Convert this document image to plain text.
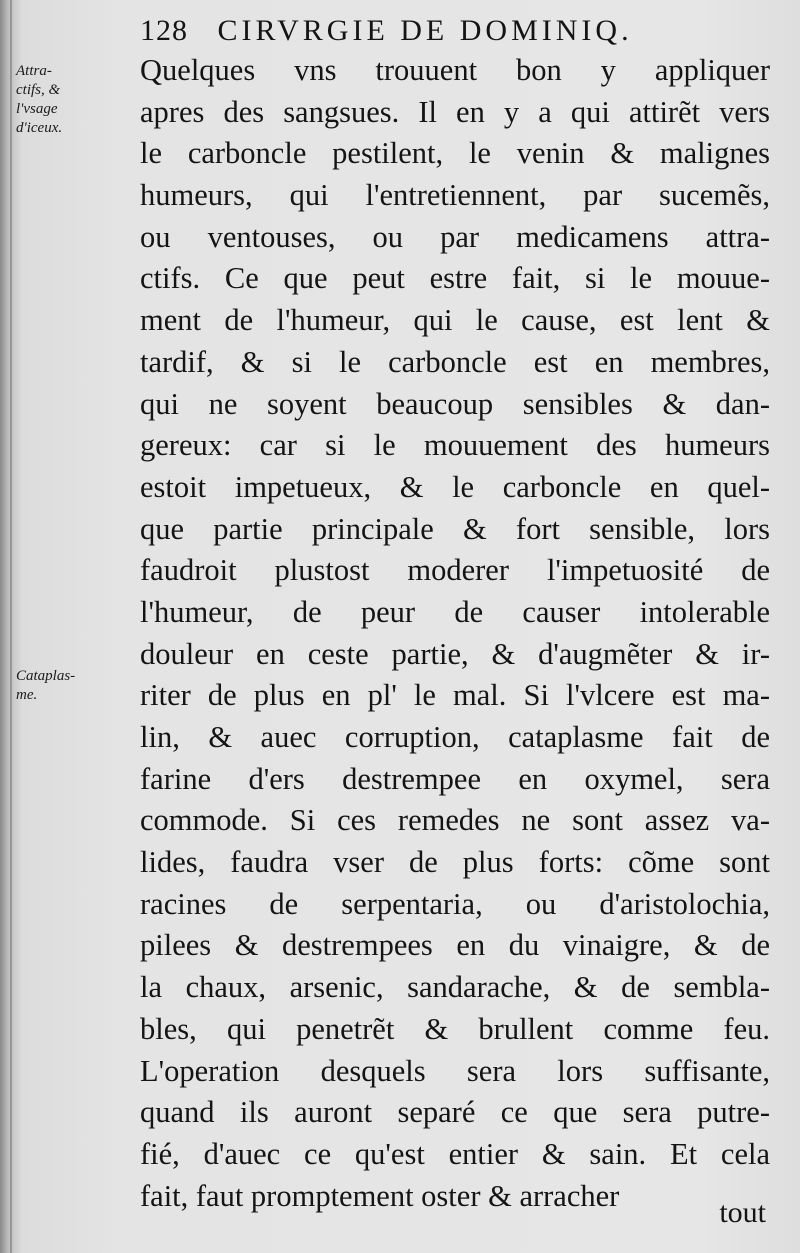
128 CIRVRGIE DE DOMINIQ.
Attra-
ctifs, &
l'vsage
d'iceux.
Cataplas-
me.
Quelques vns trouuent bon y appliquer
apres des sangsues. Il en y a qui attirẽt vers
le carboncle pestilent, le venin & malignes
humeurs, qui l'entretiennent, par sucemẽs,
ou ventouses, ou par medicamens attra-
ctifs. Ce que peut estre fait, si le mouue-
ment de l'humeur, qui le cause, est lent &
tardif, & si le carboncle est en membres,
qui ne soyent beaucoup sensibles & dan-
gereux: car si le mouuement des humeurs
estoit impetueux, & le carboncle en quel-
que partie principale & fort sensible, lors
faudroit plustost moderer l'impetuosité de
l'humeur, de peur de causer intolerable
douleur en ceste partie, & d'augmẽter & ir-
riter de plus en pl' le mal. Si l'vlcere est ma-
lin, & auec corruption, cataplasme fait de
farine d'ers destrempee en oxymel, sera
commode. Si ces remedes ne sont assez va-
lides, faudra vser de plus forts: cõme sont
racines de serpentaria, ou d'aristolochia,
pilees & destrempees en du vinaigre, & de
la chaux, arsenic, sandarache, & de sembla-
bles, qui penetrẽt & brullent comme feu.
L'operation desquels sera lors suffisante,
quand ils auront separé ce que sera putre-
fié, d'auec ce qu'est entier & sain. Et cela
fait, faut promptement oster & arracher	tout
